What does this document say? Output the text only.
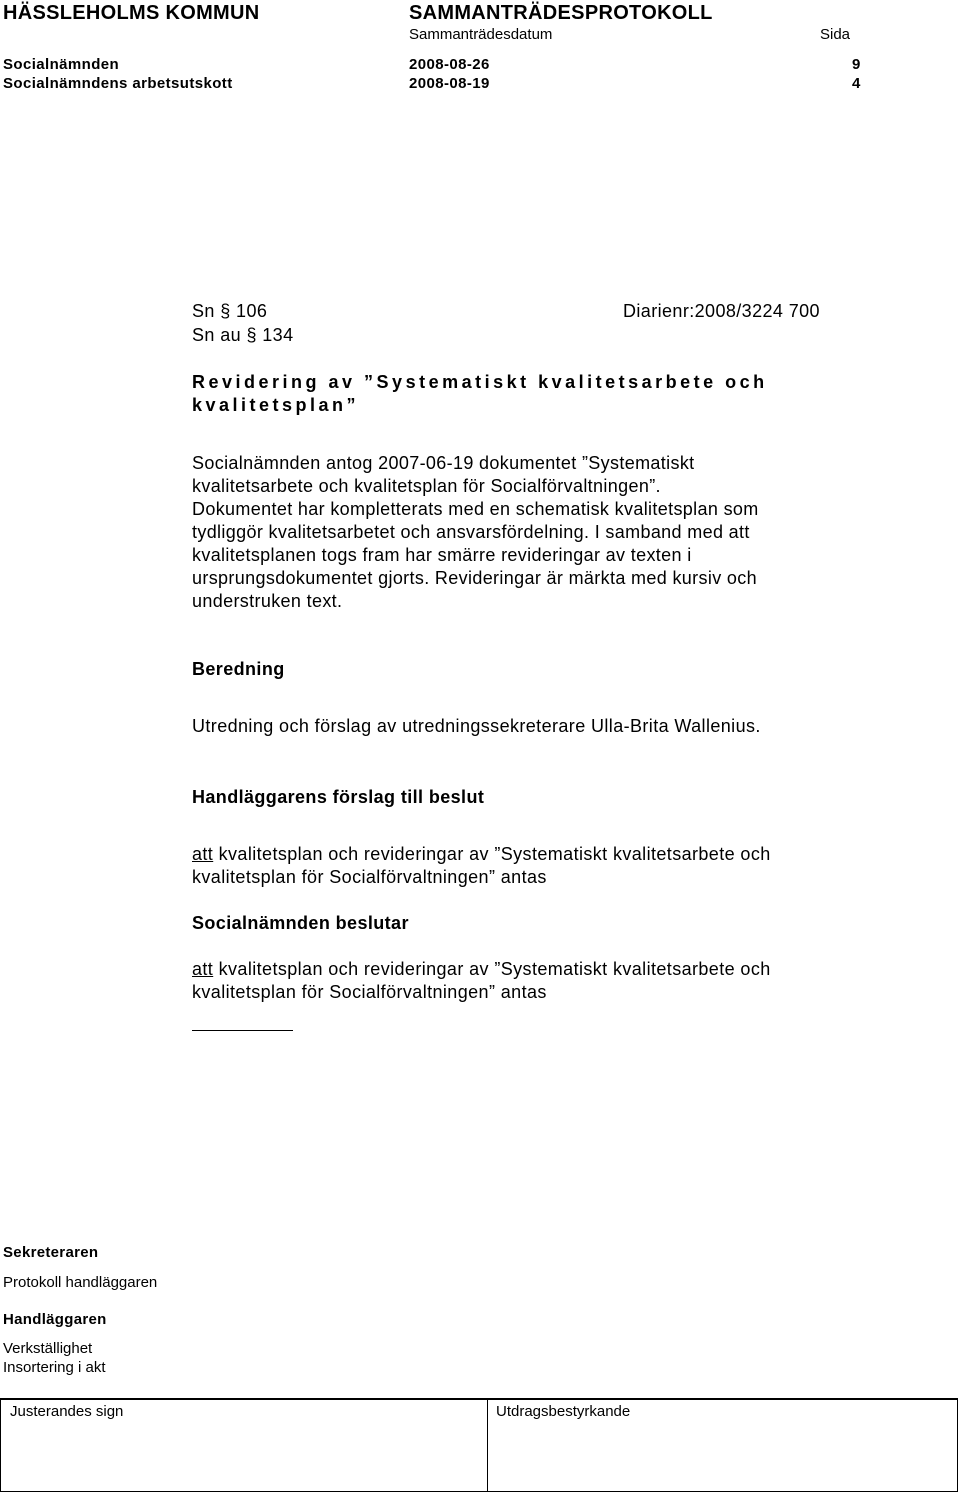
HÄSSLEHOLMS KOMMUN	SAMMANTRÄDESPROTOKOLL
Sammanträdesdatum	Sida
Socialnämnden	2008-08-26	9
Socialnämndens arbetsutskott	2008-08-19	4
Sn § 106
Sn au § 134
Diarienr:2008/3224 700
Revidering av ”Systematiskt kvalitetsarbete och
kvalitetsplan”
Socialnämnden antog 2007-06-19 dokumentet ”Systematiskt
kvalitetsarbete och kvalitetsplan för Socialförvaltningen”.
Dokumentet har kompletterats med en schematisk kvalitetsplan som
tydliggör kvalitetsarbetet och ansvarsfördelning. I samband med att
kvalitetsplanen togs fram har smärre revideringar av texten i
ursprungsdokumentet gjorts. Revideringar är märkta med kursiv och
understruken text.
Beredning
Utredning och förslag av utredningssekreterare Ulla-Brita Wallenius.
Handläggarens förslag till beslut
att kvalitetsplan och revideringar av ”Systematiskt kvalitetsarbete och
kvalitetsplan för Socialförvaltningen” antas
Socialnämnden beslutar
att kvalitetsplan och revideringar av ”Systematiskt kvalitetsarbete och
kvalitetsplan för Socialförvaltningen” antas
Sekreteraren
Protokoll handläggaren
Handläggaren
Verkställighet
Insortering i akt
Justerandes sign	Utdragsbestyrkande
